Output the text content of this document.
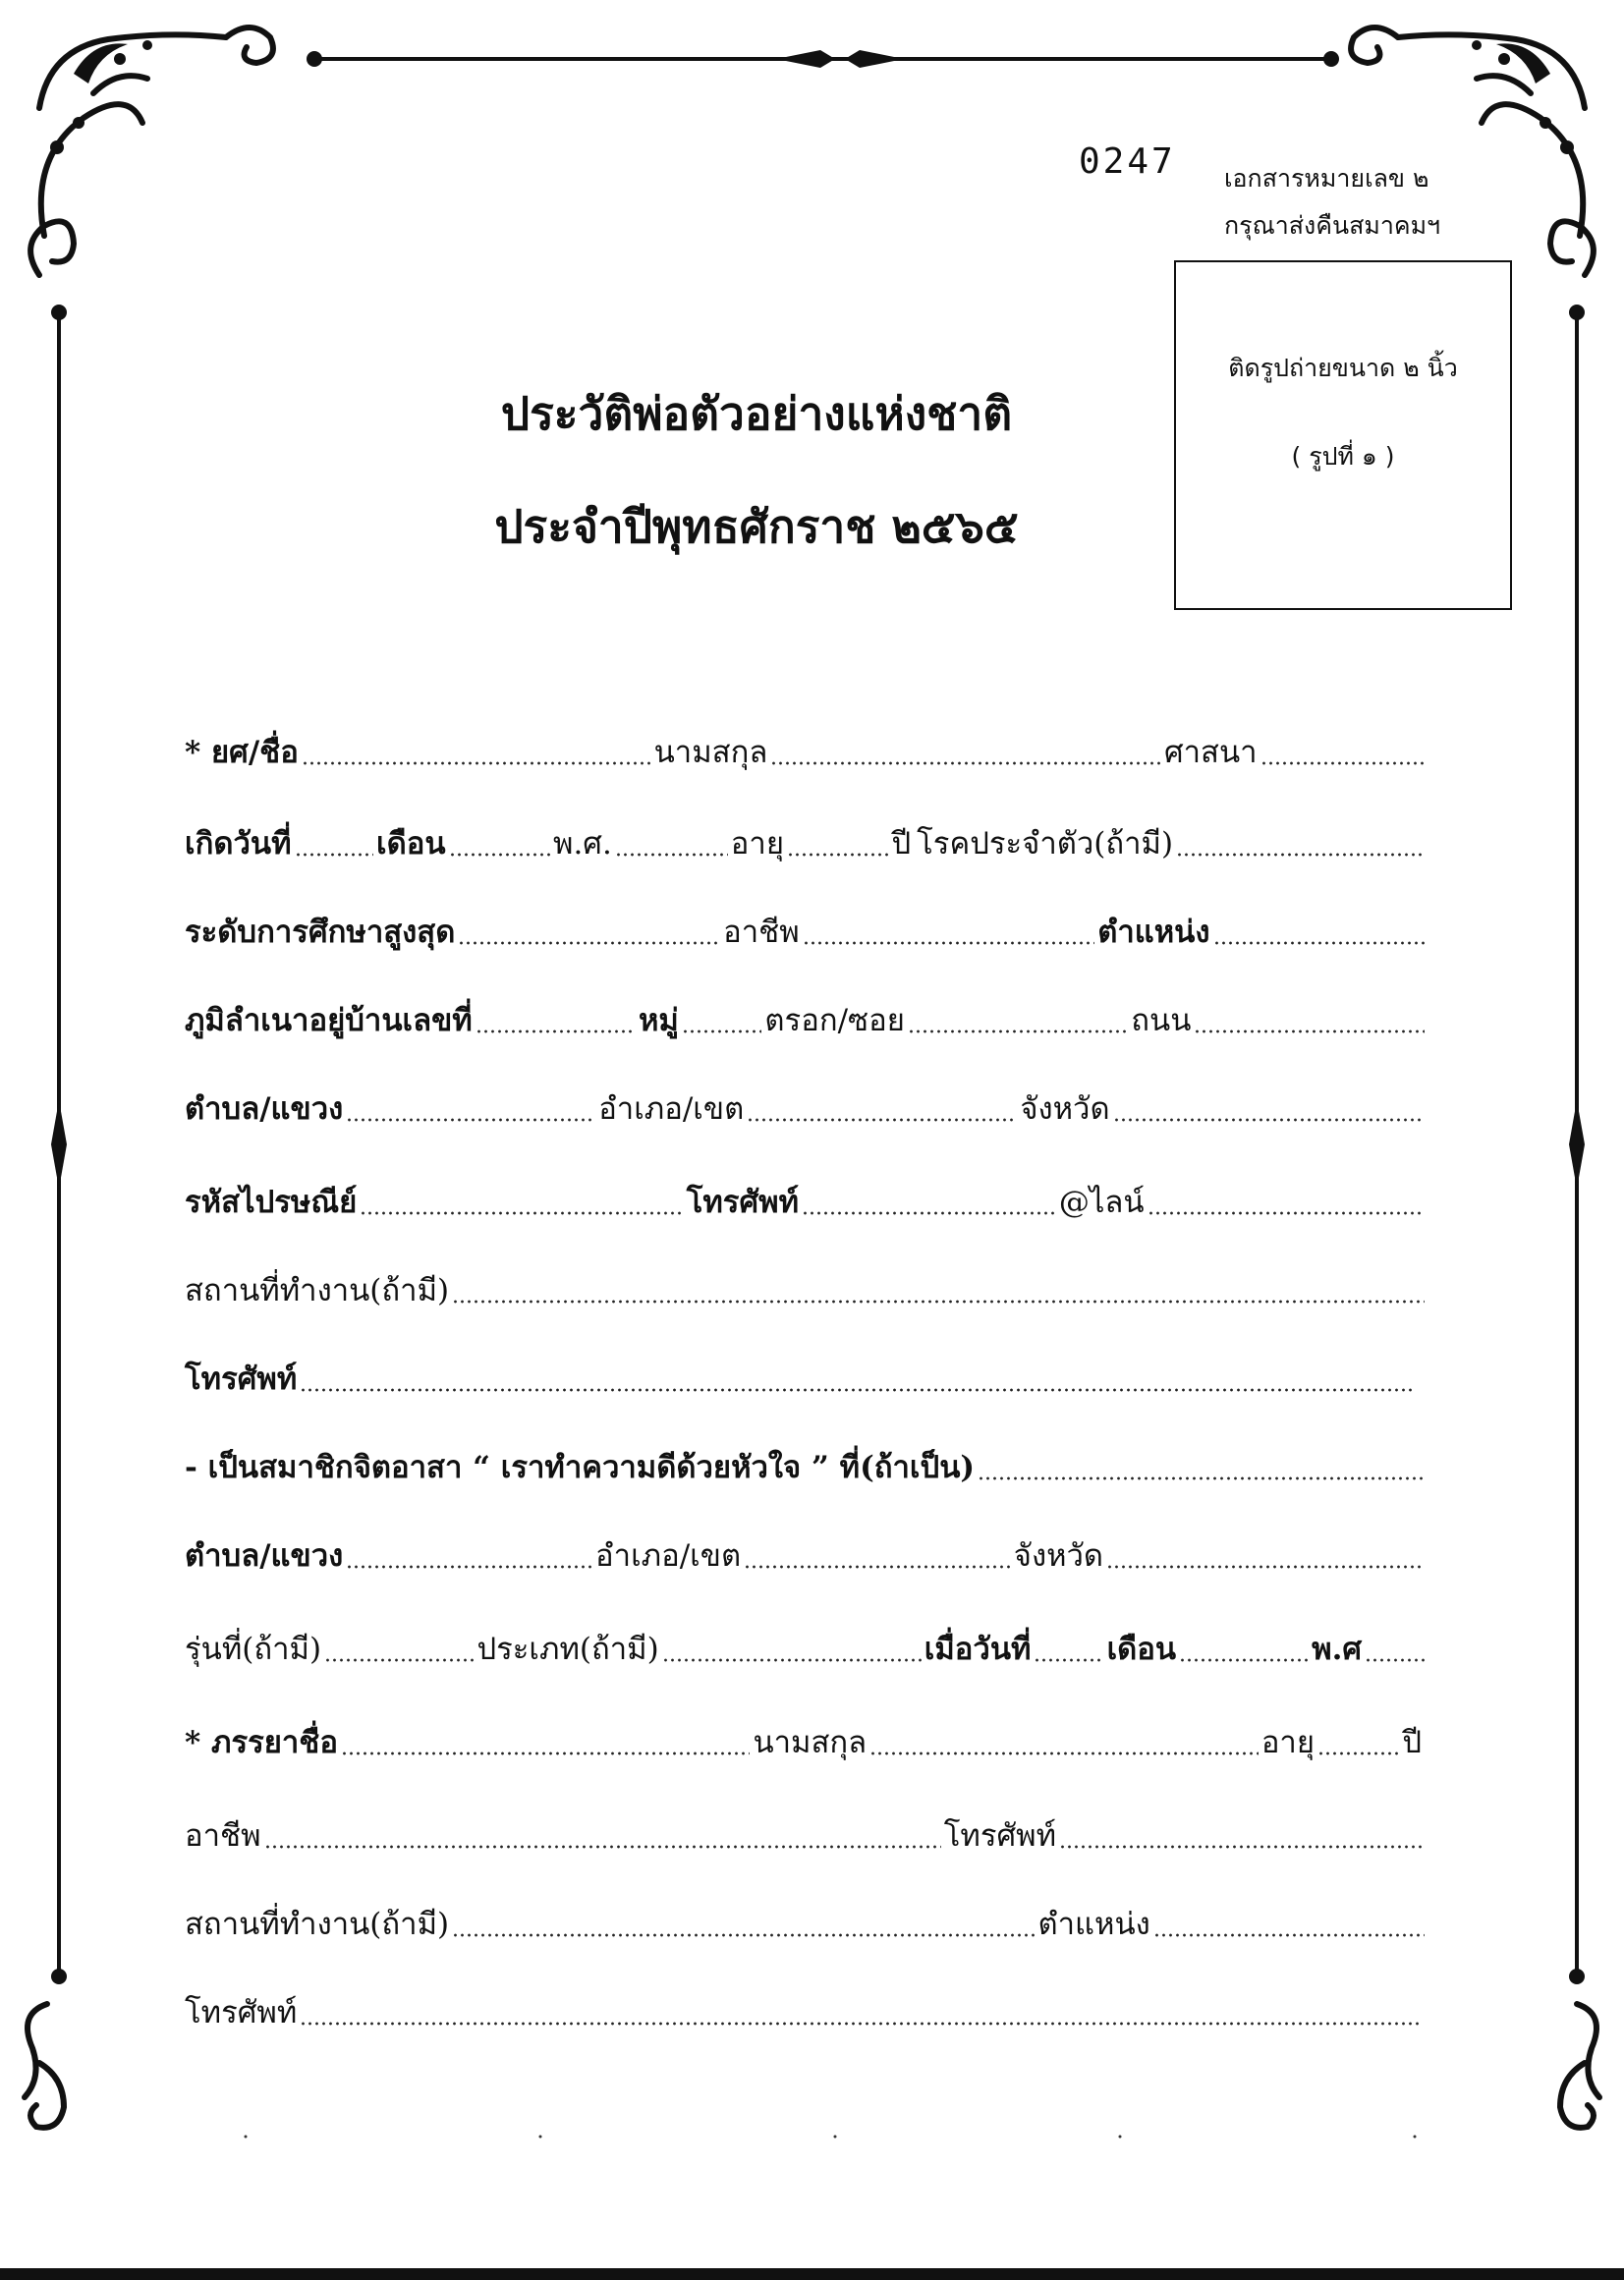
0247 เอกสารหมายเลข ๒
กรุณาส่งคืนสมาคมฯ
ติดรูปถ่ายขนาด ๒ นิ้ว
( รูปที่ ๑ )
ประวัติพ่อตัวอย่างแห่งชาติ
ประจำปีพุทธศักราช ๒๕๖๕
* ยศ/ชื่อ	นามสกุล	ศาสนา
เกิดวันที่	เดือน	พ.ศ.	อายุ	ปี โรคประจำตัว(ถ้ามี)
ระดับการศึกษาสูงสุด	อาชีพ	ตำแหน่ง
ภูมิลำเนาอยู่บ้านเลขที่	หมู่	ตรอก/ซอย	ถนน
ตำบล/แขวง	อำเภอ/เขต	จังหวัด
รหัสไปรษณีย์	โทรศัพท์	@ไลน์
สถานที่ทำงาน(ถ้ามี)
โทรศัพท์
- เป็นสมาชิกจิตอาสา “ เราทำความดีด้วยหัวใจ ” ที่(ถ้าเป็น)
ตำบล/แขวง	อำเภอ/เขต	จังหวัด
รุ่นที่(ถ้ามี)	ประเภท(ถ้ามี)	เมื่อวันที่ เดือน	พ.ศ
* ภรรยาชื่อ	นามสกุล	อายุ	ปี
อาชีพ	โทรศัพท์
สถานที่ทำงาน(ถ้ามี)	ตำแหน่ง
โทรศัพท์
